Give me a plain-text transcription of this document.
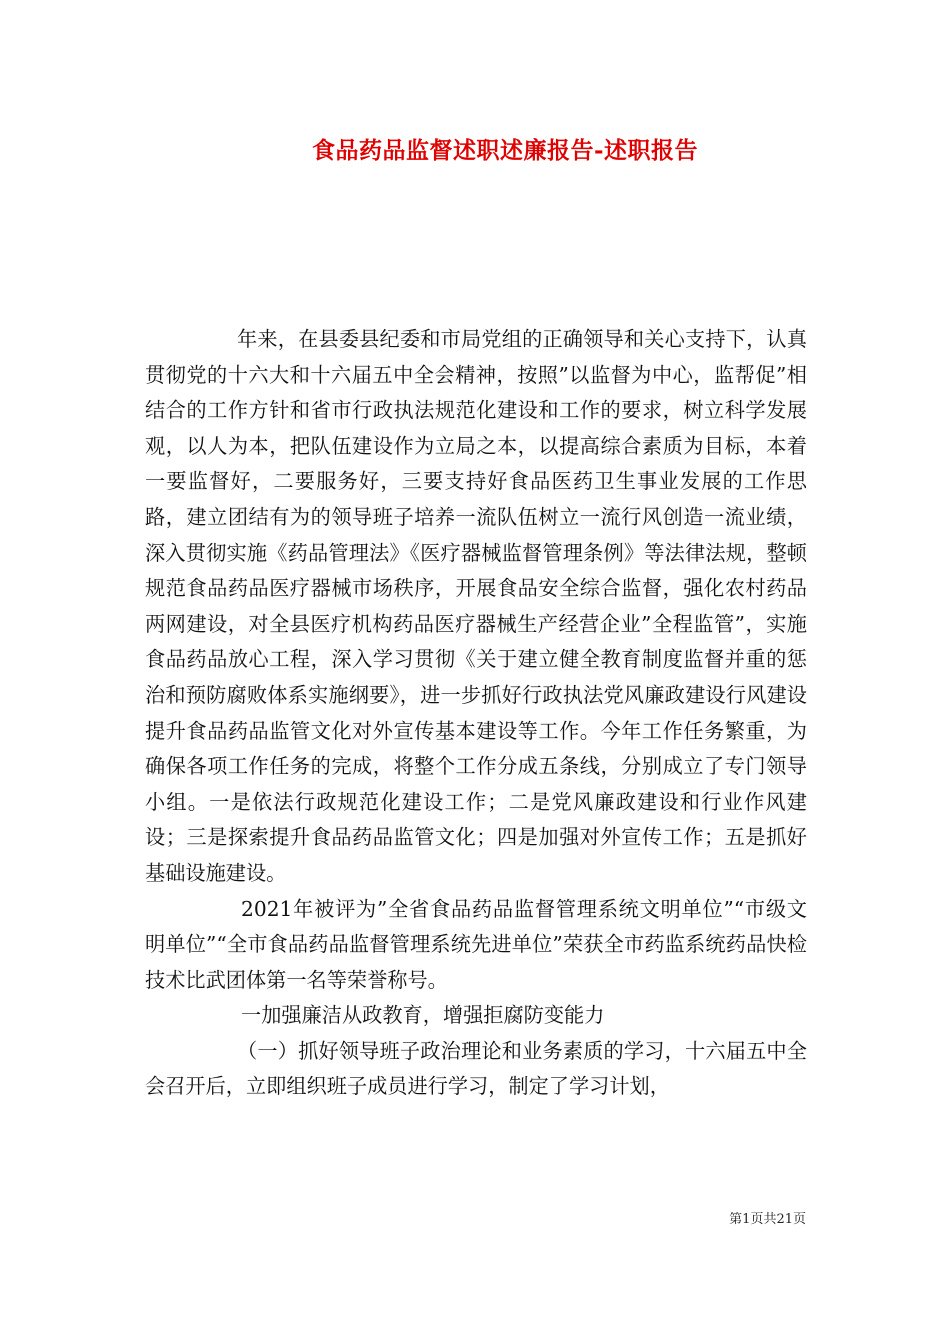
食品药品监督述职述廉报告-述职报告

年来，在县委县纪委和市局党组的正确领导和关心支持下，认真贯彻党的十六大和十六届五中全会精神，按照”以监督为中心，监帮促”相结合的工作方针和省市行政执法规范化建设和工作的要求，树立科学发展观，以人为本，把队伍建设作为立局之本，以提高综合素质为目标，本着一要监督好，二要服务好，三要支持好食品医药卫生事业发展的工作思路，建立团结有为的领导班子培养一流队伍树立一流行风创造一流业绩，深入贯彻实施《药品管理法》《医疗器械监督管理条例》等法律法规，整顿规范食品药品医疗器械市场秩序，开展食品安全综合监督，强化农村药品两网建设，对全县医疗机构药品医疗器械生产经营企业”全程监管”，实施食品药品放心工程，深入学习贯彻《关于建立健全教育制度监督并重的惩治和预防腐败体系实施纲要》，进一步抓好行政执法党风廉政建设行风建设提升食品药品监管文化对外宣传基本建设等工作。今年工作任务繁重，为确保各项工作任务的完成，将整个工作分成五条线，分别成立了专门领导小组。一是依法行政规范化建设工作；二是党风廉政建设和行业作风建设；三是探索提升食品药品监管文化；四是加强对外宣传工作；五是抓好基础设施建设。

2021年被评为”全省食品药品监督管理系统文明单位”“市级文明单位”“全市食品药品监督管理系统先进单位”荣获全市药监系统药品快检技术比武团体第一名等荣誉称号。

一加强廉洁从政教育，增强拒腐防变能力

（一）抓好领导班子政治理论和业务素质的学习，十六届五中全会召开后，立即组织班子成员进行学习，制定了学习计划，

第1页共21页
